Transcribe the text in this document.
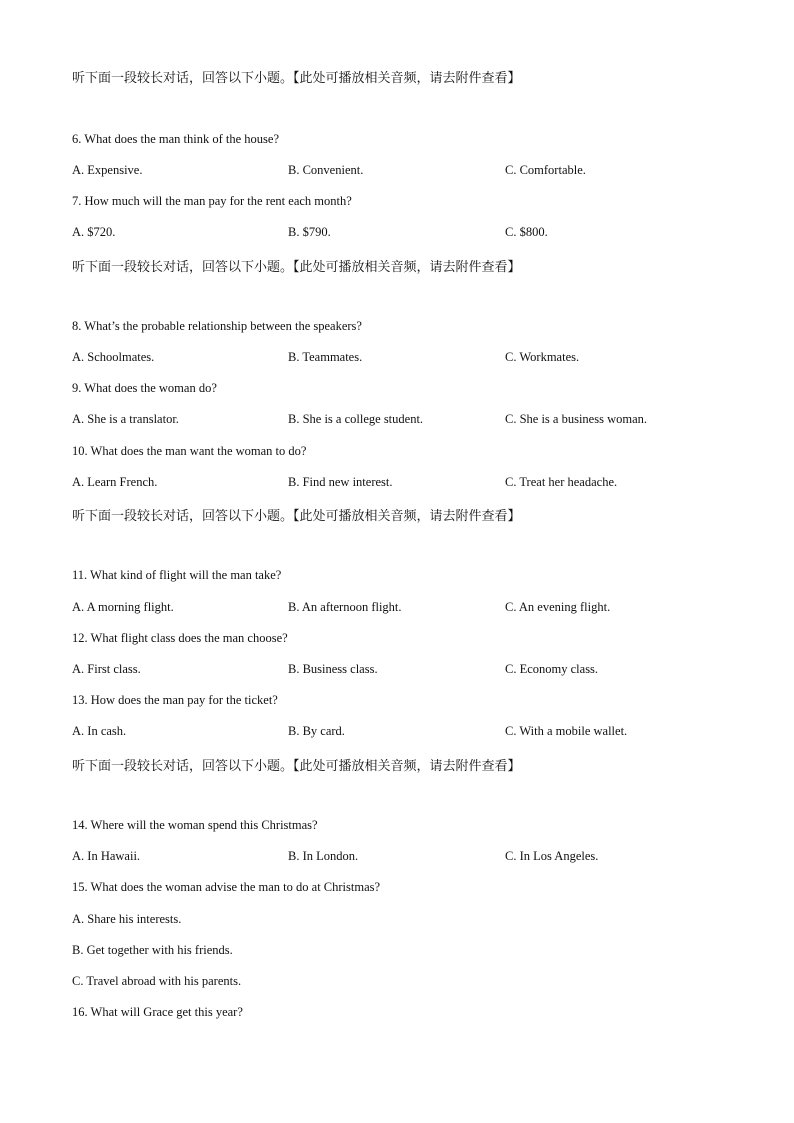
听下面一段较长对话，回答以下小题。【此处可播放相关音频，请去附件查看】
6. What does the man think of the house?
A. Expensive.	B. Convenient.	C. Comfortable.
7. How much will the man pay for the rent each month?
A. $720.	B. $790.	C. $800.
听下面一段较长对话，回答以下小题。【此处可播放相关音频，请去附件查看】
8. What’s the probable relationship between the speakers?
A. Schoolmates.	B. Teammates.	C. Workmates.
9. What does the woman do?
A. She is a translator.	B. She is a college student.	C. She is a business woman.
10. What does the man want the woman to do?
A. Learn French.	B. Find new interest.	C. Treat her headache.
听下面一段较长对话，回答以下小题。【此处可播放相关音频，请去附件查看】
11. What kind of flight will the man take?
A. A morning flight.	B. An afternoon flight.	C. An evening flight.
12. What flight class does the man choose?
A. First class.	B. Business class.	C. Economy class.
13. How does the man pay for the ticket?
A. In cash.	B. By card.	C. With a mobile wallet.
听下面一段较长对话，回答以下小题。【此处可播放相关音频，请去附件查看】
14. Where will the woman spend this Christmas?
A. In Hawaii.	B. In London.	C. In Los Angeles.
15. What does the woman advise the man to do at Christmas?
A. Share his interests.
B. Get together with his friends.
C. Travel abroad with his parents.
16. What will Grace get this year?
